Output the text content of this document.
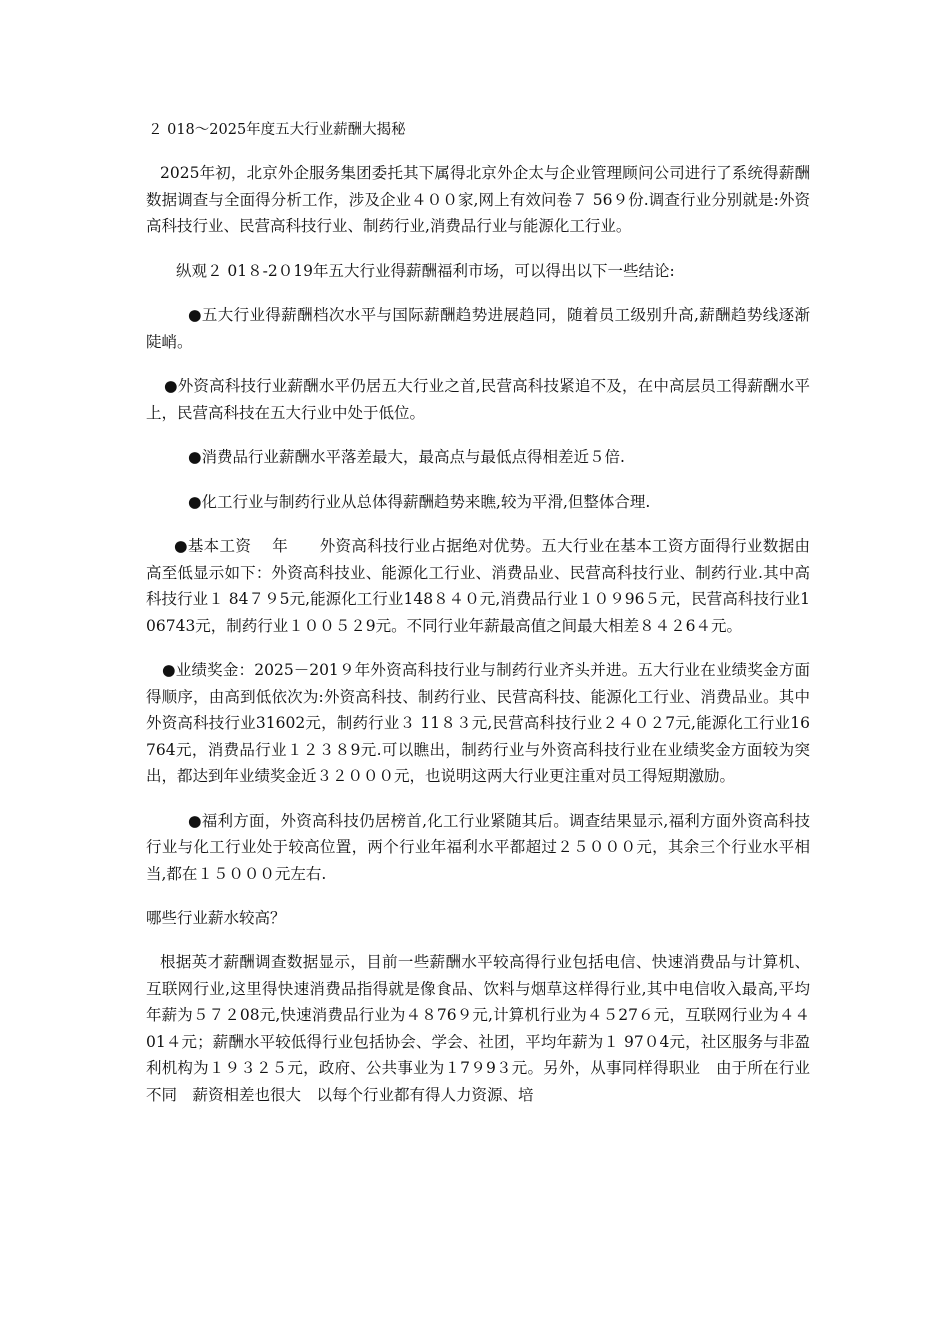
２ 018～2025年度五大行业薪酬大揭秘

2025年初，北京外企服务集团委托其下属得北京外企太与企业管理顾问公司进行了系统得薪酬数据调查与全面得分析工作，涉及企业４００家,网上有效问卷７ 56９份.调查行业分别就是:外资高科技行业、民营高科技行业、制药行业,消费品行业与能源化工行业。

纵观２ 01８-2０19年五大行业得薪酬福利市场，可以得出以下一些结论:

●五大行业得薪酬档次水平与国际薪酬趋势进展趋同，随着员工级别升高,薪酬趋势线逐渐陡峭。

●外资高科技行业薪酬水平仍居五大行业之首,民营高科技紧追不及，在中高层员工得薪酬水平上，民营高科技在五大行业中处于低位。

●消费品行业薪酬水平落差最大，最高点与最低点得相差近５倍.

●化工行业与制药行业从总体得薪酬趋势来瞧,较为平滑,但整体合理.

●基本工资　 年　　外资高科技行业占据绝对优势。五大行业在基本工资方面得行业数据由高至低显示如下：外资高科技业、能源化工行业、消费品业、民营高科技行业、制药行业.其中高科技行业１ 84７９5元,能源化工行业148８４０元,消费品行业１０９96５元，民营高科技行业106743元，制药行业１００５２9元。不同行业年薪最高值之间最大相差８４２6４元。

●业绩奖金：2025－201９年外资高科技行业与制药行业齐头并进。五大行业在业绩奖金方面得顺序，由高到低依次为:外资高科技、制药行业、民营高科技、能源化工行业、消费品业。其中外资高科技行业31602元，制药行业３ 11８３元,民营高科技行业２４０２7元,能源化工行业16764元，消费品行业１２３８9元.可以瞧出，制药行业与外资高科技行业在业绩奖金方面较为突出，都达到年业绩奖金近３２０００元，也说明这两大行业更注重对员工得短期激励。

●福利方面，外资高科技仍居榜首,化工行业紧随其后。调查结果显示,福利方面外资高科技行业与化工行业处于较高位置，两个行业年福利水平都超过２５０００元，其余三个行业水平相当,都在１５０００元左右.

哪些行业薪水较高？

根据英才薪酬调查数据显示，目前一些薪酬水平较高得行业包括电信、快速消费品与计算机、互联网行业,这里得快速消费品指得就是像食品、饮料与烟草这样得行业,其中电信收入最高,平均年薪为５７２08元,快速消费品行业为４８76９元,计算机行业为４５27６元，互联网行业为４４01４元；薪酬水平较低得行业包括协会、学会、社团，平均年薪为１ 97０4元，社区服务与非盈利机构为１９３２５元，政府、公共事业为１7９9３元。另外，从事同样得职业　由于所在行业不同　薪资相差也很大　以每个行业都有得人力资源、培
